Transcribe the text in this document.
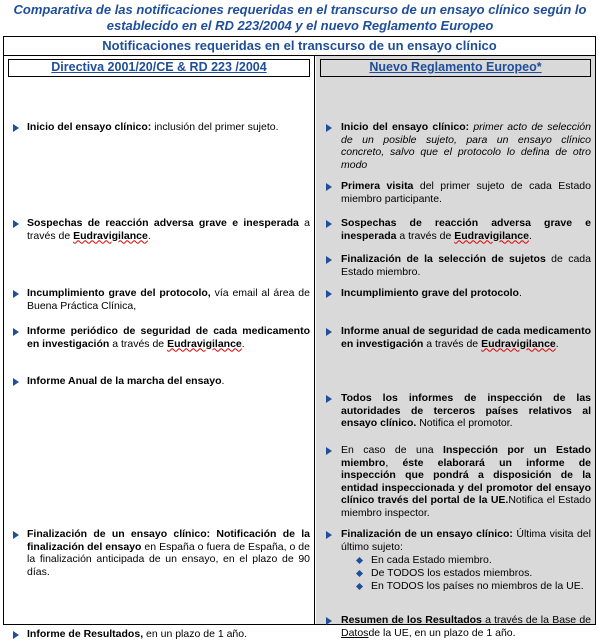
Comparativa de las notificaciones requeridas en el transcurso de un ensayo clínico según lo establecido en el RD 223/2004 y el nuevo Reglamento Europeo
Notificaciones requeridas en el transcurso de un ensayo clínico
Directiva 2001/20/CE & RD 223 /2004
Inicio del ensayo clínico: inclusión del primer sujeto.
Sospechas de reacción adversa grave e inesperada a través de Eudravigilance.
Incumplimiento grave del protocolo, vía email al área de Buena Práctica Clínica,
Informe periódico de seguridad de cada medicamento en investigación a través de Eudravigilance.
Informe Anual de la marcha del ensayo.
Finalización de un ensayo clínico: Notificación de la finalización del ensayo en España o fuera de España, o de la finalización anticipada de un ensayo, en el plazo de 90 días.
Informe de Resultados, en un plazo de 1 año.
Nuevo Reglamento Europeo*
Inicio del ensayo clínico: primer acto de selección de un posible sujeto, para un ensayo clínico concreto, salvo que el protocolo lo defina de otro modo
Primera visita del primer sujeto de cada Estado miembro participante.
Sospechas de reacción adversa grave e inesperada a través de Eudravigilance.
Finalización de la selección de sujetos de cada Estado miembro.
Incumplimiento grave del protocolo.
Informe anual de seguridad de cada medicamento en investigación a través de Eudravigilance.
Todos los informes de inspección de las autoridades de terceros países relativos al ensayo clínico. Notifica el promotor.
En caso de una Inspección por un Estado miembro, éste elaborará un informe de inspección que pondrá a disposición de la entidad inspeccionada y del promotor del ensayo clínico través del portal de la UE.Notifica el Estado miembro inspector.
Finalización de un ensayo clínico: Última visita del último sujeto:
En cada Estado miembro.
De TODOS los estados miembros.
En TODOS los países no miembros de la UE.
Resumen de los Resultados a través de la Base de Datosde la UE, en un plazo de 1 año.
